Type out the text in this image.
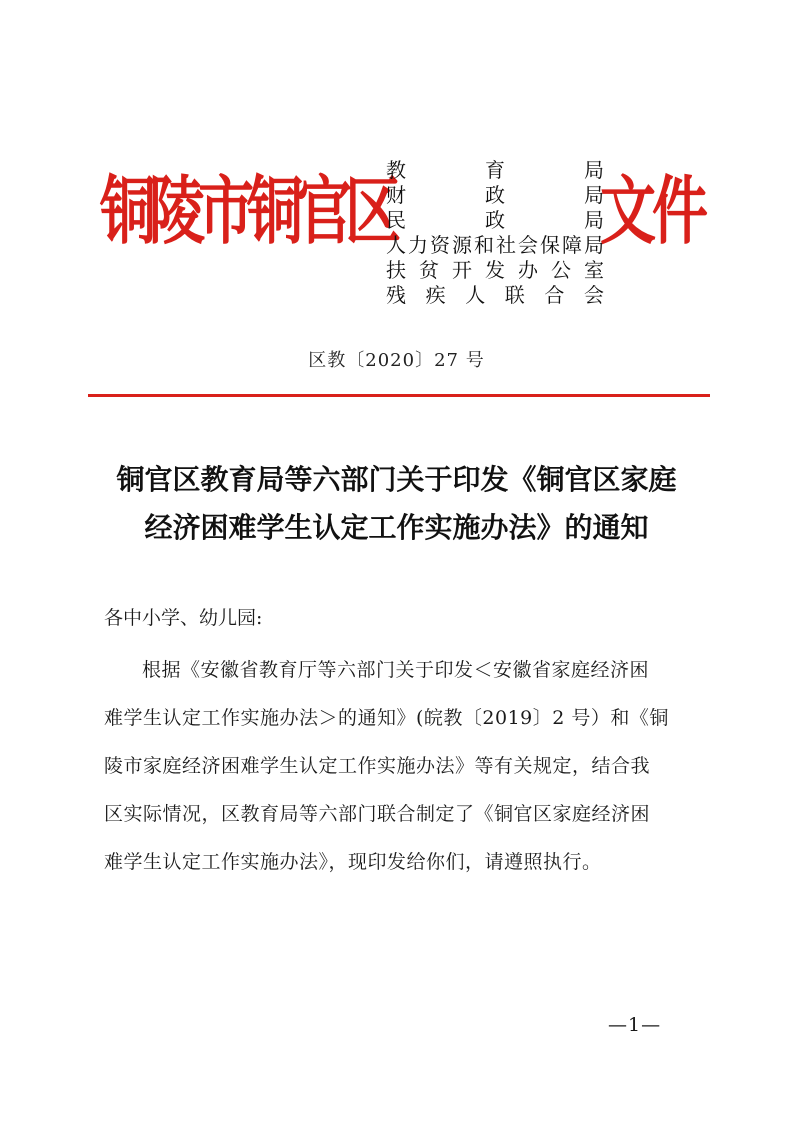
铜陵市铜官区
教育局
财政局
民政局
人力资源和社会保障局
扶贫开发办公室
残疾人联合会
文件
区教〔2020〕27 号
铜官区教育局等六部门关于印发《铜官区家庭
经济困难学生认定工作实施办法》的通知
各中小学、幼儿园:
根据《安徽省教育厅等六部门关于印发＜安徽省家庭经济困
难学生认定工作实施办法＞的通知》(皖教〔2019〕2 号）和《铜
陵市家庭经济困难学生认定工作实施办法》等有关规定，结合我
区实际情况，区教育局等六部门联合制定了《铜官区家庭经济困
难学生认定工作实施办法》，现印发给你们，请遵照执行。
—1—
